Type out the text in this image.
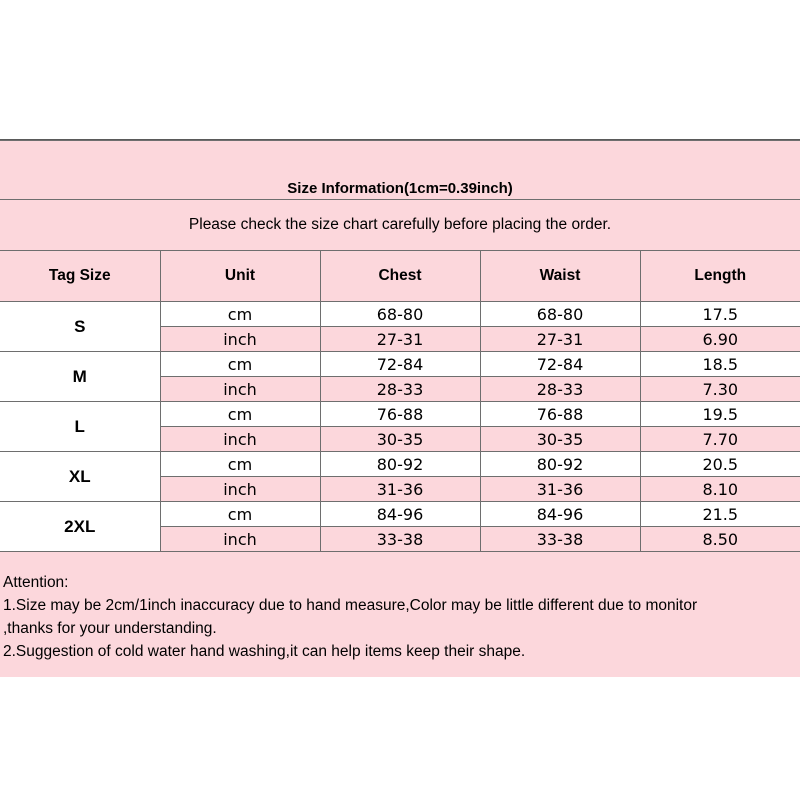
Size Information(1cm=0.39inch)				
Please check the size chart carefully before placing the order.				
Tag Size	Unit	Chest	Waist	Length
S	cm	68-80	68-80	17.5
	inch	27-31	27-31	6.90
M	cm	72-84	72-84	18.5
	inch	28-33	28-33	7.30
L	cm	76-88	76-88	19.5
	inch	30-35	30-35	7.70
XL	cm	80-92	80-92	20.5
	inch	31-36	31-36	8.10
2XL	cm	84-96	84-96	21.5
	inch	33-38	33-38	8.50

Attention:
1.Size may be 2cm/1inch inaccuracy due to hand measure,Color may be little different due to monitor
,thanks for your understanding.
2.Suggestion of cold water hand washing,it can help items keep their shape.				
